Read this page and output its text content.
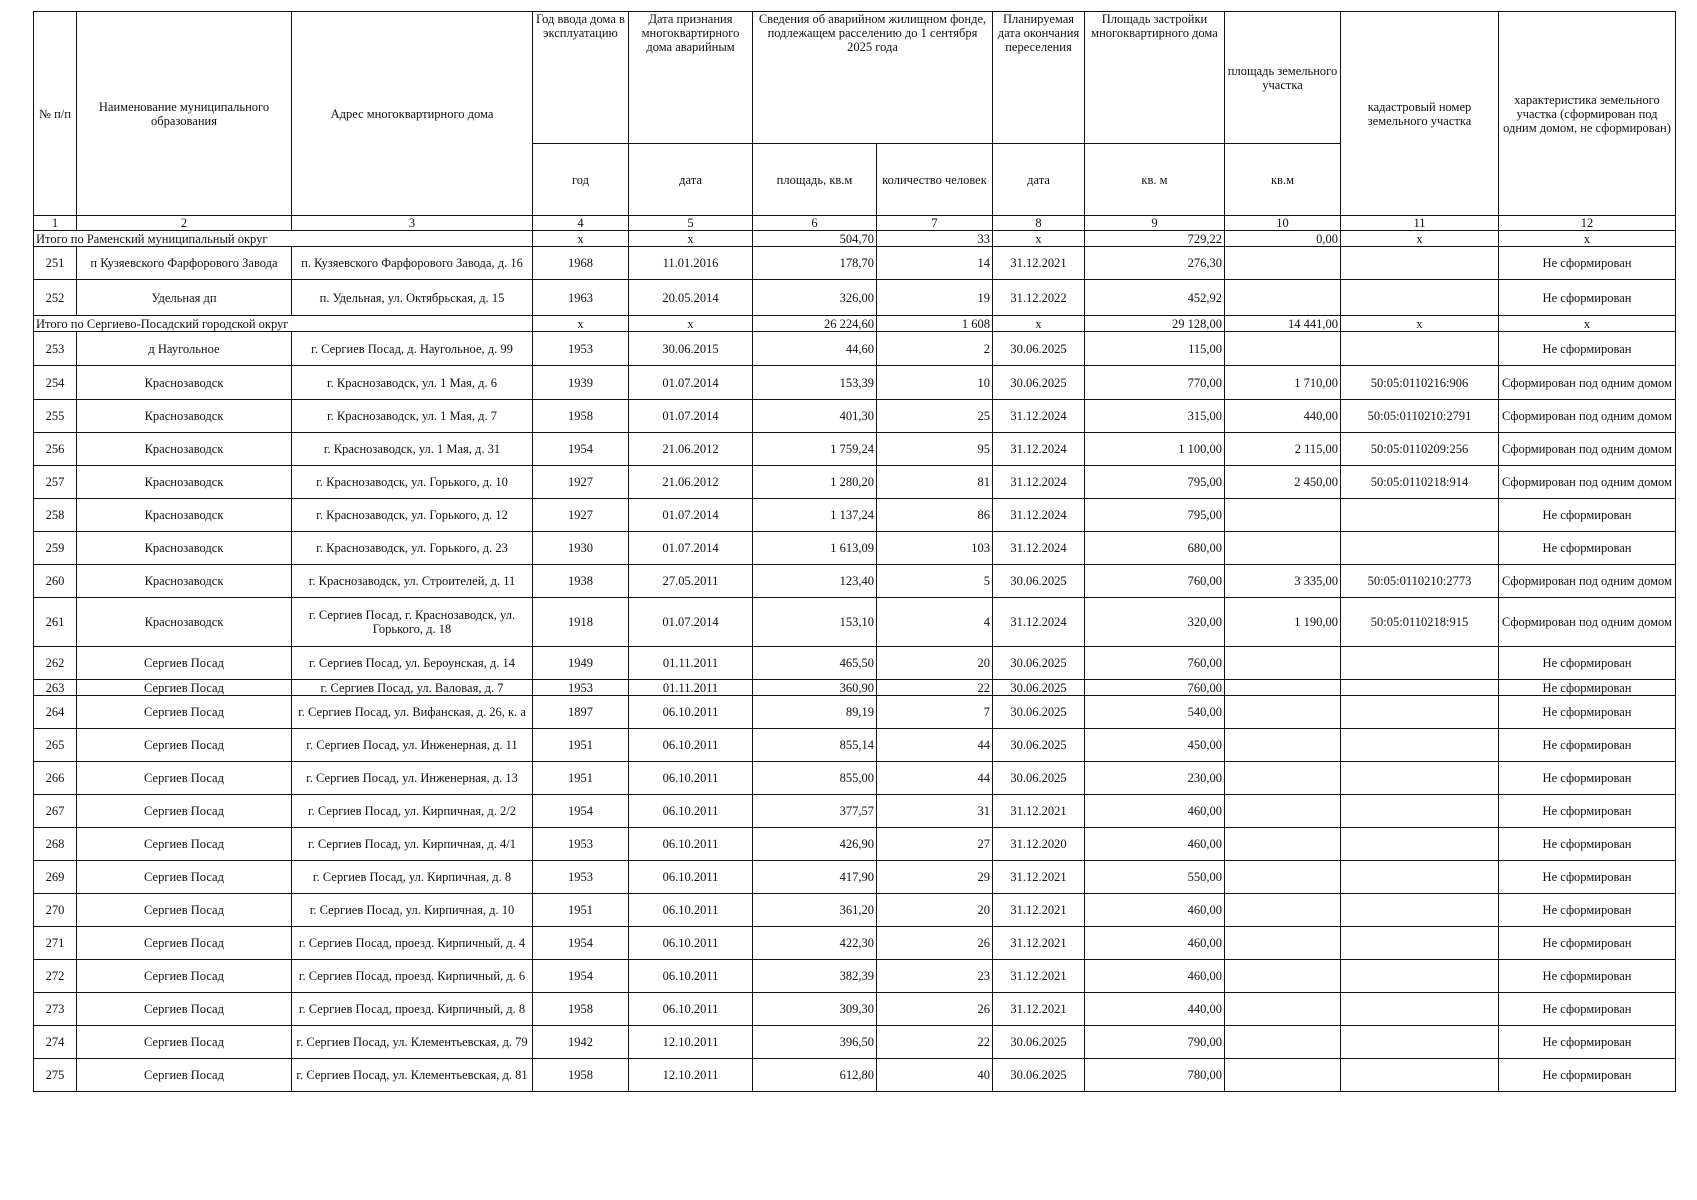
№ п/п	Наименование муниципального образования	Адрес многоквартирного дома	Год ввода дома в эксплуатацию	Дата признания многоквартирного дома аварийным	Сведения об аварийном жилищном фонде, подлежащем расселению до 1 сентября 2025 года		Планируемая дата окончания переселения	Площадь застройки многоквартирного дома	площадь земельного участка	кадастровый номер земельного участка	характеристика земельного участка (сформирован под одним домом, не сформирован)
			год	дата	площадь, кв.м	количество человек	дата	кв. м	кв.м		
1	2	3	4	5	6	7	8	9	10	11	12
Итого по Раменский муниципальный округ			х	х	504,70	33	х	729,22	0,00	х	х
251	п Кузяевского Фарфорового Завода	п. Кузяевского Фарфорового Завода, д. 16	1968	11.01.2016	178,70	14	31.12.2021	276,30			Не сформирован
252	Удельная дп	п. Удельная, ул. Октябрьская, д. 15	1963	20.05.2014	326,00	19	31.12.2022	452,92			Не сформирован
Итого по Сергиево-Посадский городской округ			х	х	26 224,60	1 608	х	29 128,00	14 441,00	х	х
253	д Наугольное	г. Сергиев Посад, д. Наугольное, д. 99	1953	30.06.2015	44,60	2	30.06.2025	115,00			Не сформирован
254	Краснозаводск	г. Краснозаводск, ул. 1 Мая, д. 6	1939	01.07.2014	153,39	10	30.06.2025	770,00	1 710,00	50:05:0110216:906	Сформирован под одним домом
255	Краснозаводск	г. Краснозаводск, ул. 1 Мая, д. 7	1958	01.07.2014	401,30	25	31.12.2024	315,00	440,00	50:05:0110210:2791	Сформирован под одним домом
256	Краснозаводск	г. Краснозаводск, ул. 1 Мая, д. 31	1954	21.06.2012	1 759,24	95	31.12.2024	1 100,00	2 115,00	50:05:0110209:256	Сформирован под одним домом
257	Краснозаводск	г. Краснозаводск, ул. Горького, д. 10	1927	21.06.2012	1 280,20	81	31.12.2024	795,00	2 450,00	50:05:0110218:914	Сформирован под одним домом
258	Краснозаводск	г. Краснозаводск, ул. Горького, д. 12	1927	01.07.2014	1 137,24	86	31.12.2024	795,00			Не сформирован
259	Краснозаводск	г. Краснозаводск, ул. Горького, д. 23	1930	01.07.2014	1 613,09	103	31.12.2024	680,00			Не сформирован
260	Краснозаводск	г. Краснозаводск, ул. Строителей, д. 11	1938	27.05.2011	123,40	5	30.06.2025	760,00	3 335,00	50:05:0110210:2773	Сформирован под одним домом
261	Краснозаводск	г. Сергиев Посад, г. Краснозаводск, ул. Горького, д. 18	1918	01.07.2014	153,10	4	31.12.2024	320,00	1 190,00	50:05:0110218:915	Сформирован под одним домом
262	Сергиев Посад	г. Сергиев Посад, ул. Бероунская, д. 14	1949	01.11.2011	465,50	20	30.06.2025	760,00			Не сформирован
263	Сергиев Посад	г. Сергиев Посад, ул. Валовая, д. 7	1953	01.11.2011	360,90	22	30.06.2025	760,00			Не сформирован
264	Сергиев Посад	г. Сергиев Посад, ул. Вифанская, д. 26, к. а	1897	06.10.2011	89,19	7	30.06.2025	540,00			Не сформирован
265	Сергиев Посад	г. Сергиев Посад, ул. Инженерная, д. 11	1951	06.10.2011	855,14	44	30.06.2025	450,00			Не сформирован
266	Сергиев Посад	г. Сергиев Посад, ул. Инженерная, д. 13	1951	06.10.2011	855,00	44	30.06.2025	230,00			Не сформирован
267	Сергиев Посад	г. Сергиев Посад, ул. Кирпичная, д. 2/2	1954	06.10.2011	377,57	31	31.12.2021	460,00			Не сформирован
268	Сергиев Посад	г. Сергиев Посад, ул. Кирпичная, д. 4/1	1953	06.10.2011	426,90	27	31.12.2020	460,00			Не сформирован
269	Сергиев Посад	г. Сергиев Посад, ул. Кирпичная, д. 8	1953	06.10.2011	417,90	29	31.12.2021	550,00			Не сформирован
270	Сергиев Посад	г. Сергиев Посад, ул. Кирпичная, д. 10	1951	06.10.2011	361,20	20	31.12.2021	460,00			Не сформирован
271	Сергиев Посад	г. Сергиев Посад, проезд. Кирпичный, д. 4	1954	06.10.2011	422,30	26	31.12.2021	460,00			Не сформирован
272	Сергиев Посад	г. Сергиев Посад, проезд. Кирпичный, д. 6	1954	06.10.2011	382,39	23	31.12.2021	460,00			Не сформирован
273	Сергиев Посад	г. Сергиев Посад, проезд. Кирпичный, д. 8	1958	06.10.2011	309,30	26	31.12.2021	440,00			Не сформирован
274	Сергиев Посад	г. Сергиев Посад, ул. Клементьевская, д. 79	1942	12.10.2011	396,50	22	30.06.2025	790,00			Не сформирован
275	Сергиев Посад	г. Сергиев Посад, ул. Клементьевская, д. 81	1958	12.10.2011	612,80	40	30.06.2025	780,00			Не сформирован
